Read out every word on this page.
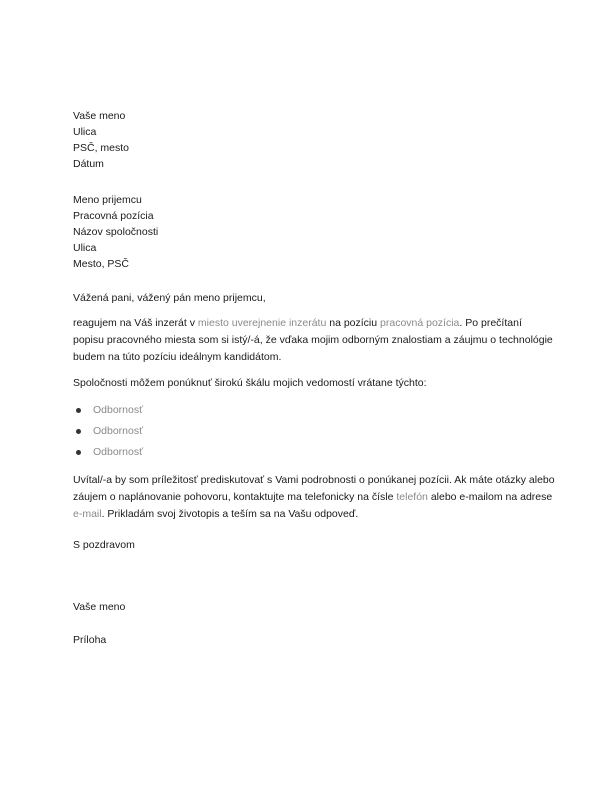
Vaše meno
Ulica
PSČ, mesto
Dátum
Meno prijemcu
Pracovná pozícia
Názov spoločnosti
Ulica
Mesto, PSČ
Vážená pani, vážený pán meno prijemcu,
reagujem na Váš inzerát v miesto uverejnenie inzerátu na pozíciu pracovná pozícia. Po prečítaní popisu pracovného miesta som si istý/-á, že vďaka mojim odborným znalostiam a záujmu o technológie budem na túto pozíciu ideálnym kandidátom.
Spoločnosti môžem ponúknuť širokú škálu mojich vedomostí vrátane týchto:
Odbornosť
Odbornosť
Odbornosť
Uvítal/-a by som príležitosť prediskutovať s Vami podrobnosti o ponúkanej pozícii. Ak máte otázky alebo záujem o naplánovanie pohovoru, kontaktujte ma telefonicky na čísle telefón alebo e-mailom na adrese e-mail. Prikladám svoj životopis a teším sa na Vašu odpoveď.
S pozdravom
Vaše meno
Príloha
